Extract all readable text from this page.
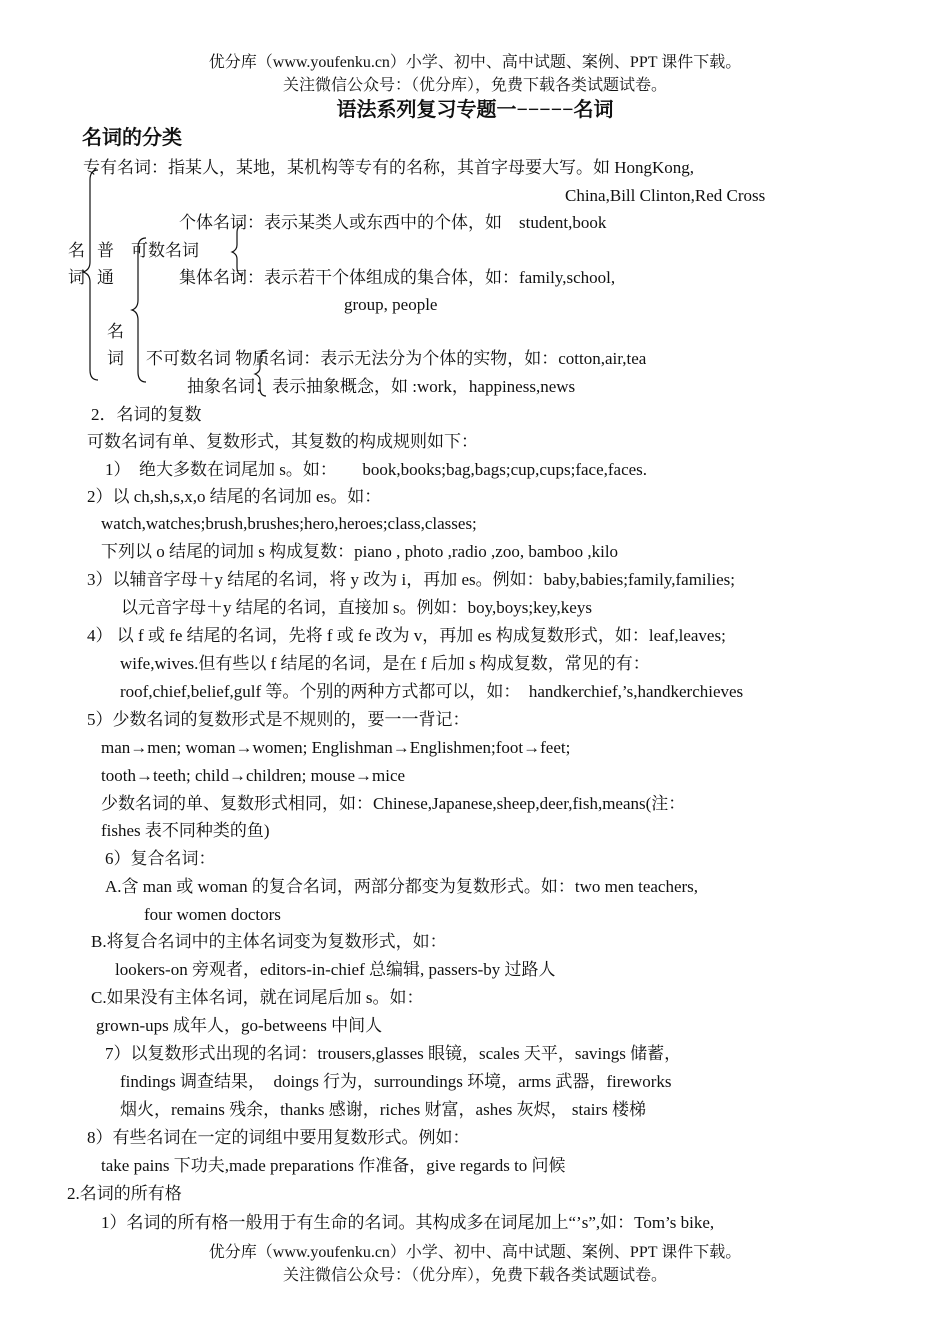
优分库（www.youfenku.cn）小学、初中、高中试题、案例、PPT 课件下载。
关注微信公众号：（优分库），免费下载各类试题试卷。
语法系列复习专题一−−−−−名词
名词的分类
专有名词：指某人，某地，某机构等专有的名称，其首字母要大写。如 HongKong,
China,Bill Clinton,Red Cross
个体名词：表示某类人或东西中的个体，如　student,book
名
词
普
通
可数名词
集体名词：表示若干个体组成的集合体，如：family,school,
group, people
名
词 不可数名词 物质名词：表示无法分为个体的实物，如：cotton,air,tea
抽象名词：表示抽象概念，如 :work，happiness,news
2．名词的复数
可数名词有单、复数形式，其复数的构成规则如下：
1）　绝大多数在词尾加 s。如：　　book,books;bag,bags;cup,cups;face,faces.
2）以 ch,sh,s,x,o 结尾的名词加 es。如：
watch,watches;brush,brushes;hero,heroes;class,classes;
下列以 o 结尾的词加 s 构成复数：piano , photo ,radio ,zoo, bamboo ,kilo
3）以辅音字母＋y 结尾的名词，将 y 改为 i，再加 es。例如：baby,babies;family,families;
以元音字母＋y 结尾的名词，直接加 s。例如：boy,boys;key,keys
4） 以 f 或 fe 结尾的名词，先将 f 或 fe 改为 v，再加 es 构成复数形式，如：leaf,leaves;
wife,wives.但有些以 f 结尾的名词，是在 f 后加 s 构成复数，常见的有：
roof,chief,belief,gulf 等。个别的两种方式都可以，如：　handkerchief,’s,handkerchieves
5）少数名词的复数形式是不规则的，要一一背记：
man→men; woman→women; Englishman→Englishmen;foot→feet;
tooth→teeth; child→children; mouse→mice
少数名词的单、复数形式相同，如：Chinese,Japanese,sheep,deer,fish,means(注：
fishes 表不同种类的鱼)
6）复合名词：
A.含 man 或 woman 的复合名词，两部分都变为复数形式。如：two men teachers,
four women doctors
B.将复合名词中的主体名词变为复数形式，如：
lookers-on 旁观者，editors-in-chief 总编辑, passers-by 过路人
C.如果没有主体名词，就在词尾后加 s。如：
grown-ups 成年人，go-betweens 中间人
7）以复数形式出现的名词：trousers,glasses 眼镜，scales 天平，savings 储蓄，
findings 调查结果，　doings 行为，surroundings 环境，arms 武器，fireworks
烟火，remains 残余，thanks 感谢，riches 财富，ashes 灰烬， stairs 楼梯
8）有些名词在一定的词组中要用复数形式。例如：
take pains 下功夫,made preparations 作准备，give regards to 问候
2.名词的所有格
1）名词的所有格一般用于有生命的名词。其构成多在词尾加上“’s”,如：Tom’s bike,
优分库（www.youfenku.cn）小学、初中、高中试题、案例、PPT 课件下载。
关注微信公众号：（优分库），免费下载各类试题试卷。
